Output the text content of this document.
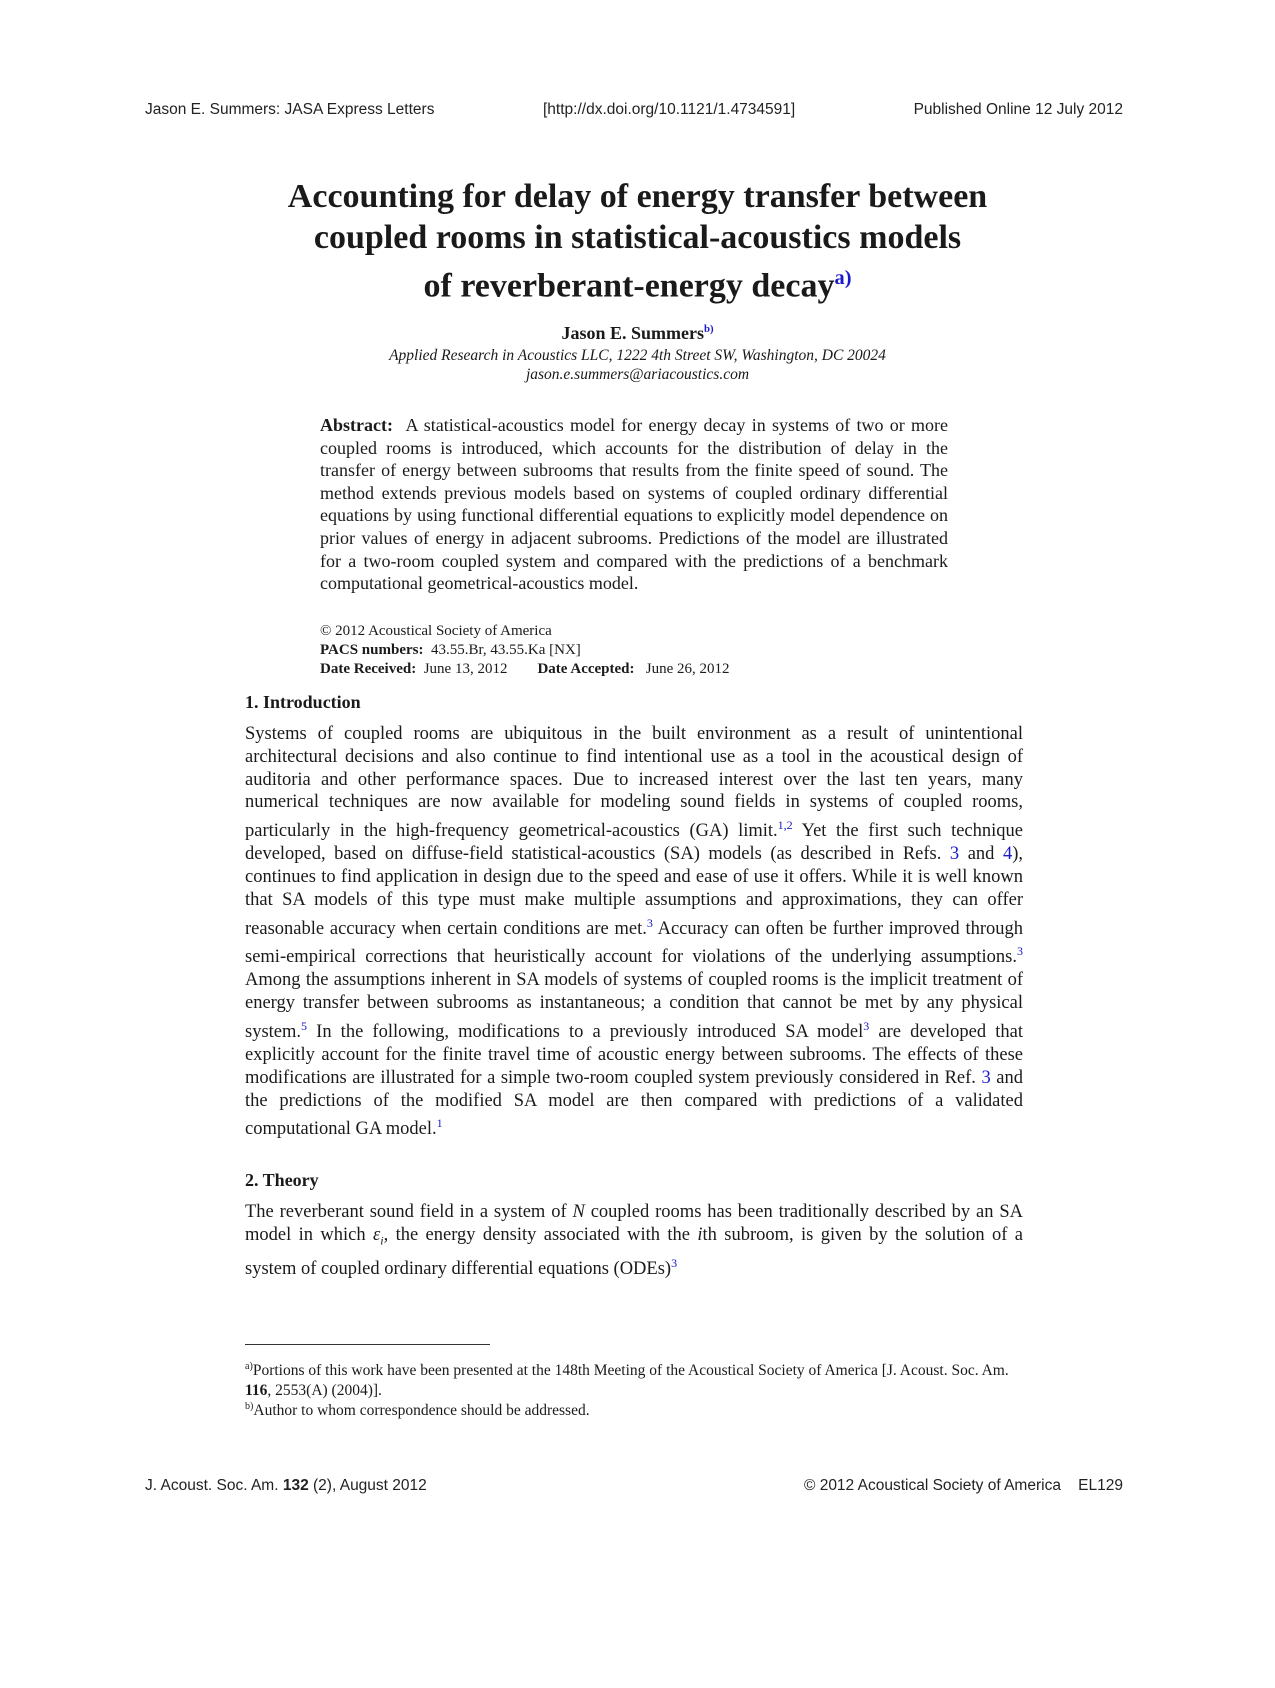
Jason E. Summers: JASA Express Letters	[http://dx.doi.org/10.1121/1.4734591]	Published Online 12 July 2012
Accounting for delay of energy transfer between
coupled rooms in statistical-acoustics models
of reverberant-energy decay$^{a)}$
Jason E. Summers$^{b)}$
Applied Research in Acoustics LLC, 1222 4th Street SW, Washington, DC 20024
jason.e.summers@ariacoustics.com
Abstract: A statistical-acoustics model for energy decay in systems of two or more coupled rooms is introduced, which accounts for the distribution of delay in the transfer of energy between subrooms that results from the finite speed of sound. The method extends previous models based on systems of coupled ordinary differential equations by using functional differential equations to explicitly model dependence on prior values of energy in adjacent subrooms. Predictions of the model are illustrated for a two-room coupled system and compared with the predictions of a benchmark computational geometrical-acoustics model.
© 2012 Acoustical Society of America
PACS numbers: 43.55.Br, 43.55.Ka [NX]
Date Received: June 13, 2012 Date Accepted: June 26, 2012
1. Introduction
Systems of coupled rooms are ubiquitous in the built environment as a result of unintentional architectural decisions and also continue to find intentional use as a tool in the acoustical design of auditoria and other performance spaces. Due to increased interest over the last ten years, many numerical techniques are now available for modeling sound fields in systems of coupled rooms, particularly in the high-frequency geometrical-acoustics (GA) limit.$^{1,2}$ Yet the first such technique developed, based on diffuse-field statistical-acoustics (SA) models (as described in Refs. 3 and 4), continues to find application in design due to the speed and ease of use it offers. While it is well known that SA models of this type must make multiple assumptions and approximations, they can offer reasonable accuracy when certain conditions are met.$^3$ Accuracy can often be further improved through semi-empirical corrections that heuristically account for violations of the underlying assumptions.$^3$ Among the assumptions inherent in SA models of systems of coupled rooms is the implicit treatment of energy transfer between subrooms as instantaneous; a condition that cannot be met by any physical system.$^5$ In the following, modifications to a previously introduced SA model$^3$ are developed that explicitly account for the finite travel time of acoustic energy between subrooms. The effects of these modifications are illustrated for a simple two-room coupled system previously considered in Ref. 3 and the predictions of the modified SA model are then compared with predictions of a validated computational GA model.$^1$
2. Theory
The reverberant sound field in a system of N coupled rooms has been traditionally described by an SA model in which $\varepsilon_i$, the energy density associated with the ith subroom, is given by the solution of a system of coupled ordinary differential equations (ODEs)$^3$
$^{a)}$Portions of this work have been presented at the 148th Meeting of the Acoustical Society of America [J. Acoust. Soc. Am. 116, 2553(A) (2004)].
$^{b)}$Author to whom correspondence should be addressed.
J. Acoust. Soc. Am. 132 (2), August 2012	© 2012 Acoustical Society of America EL129
